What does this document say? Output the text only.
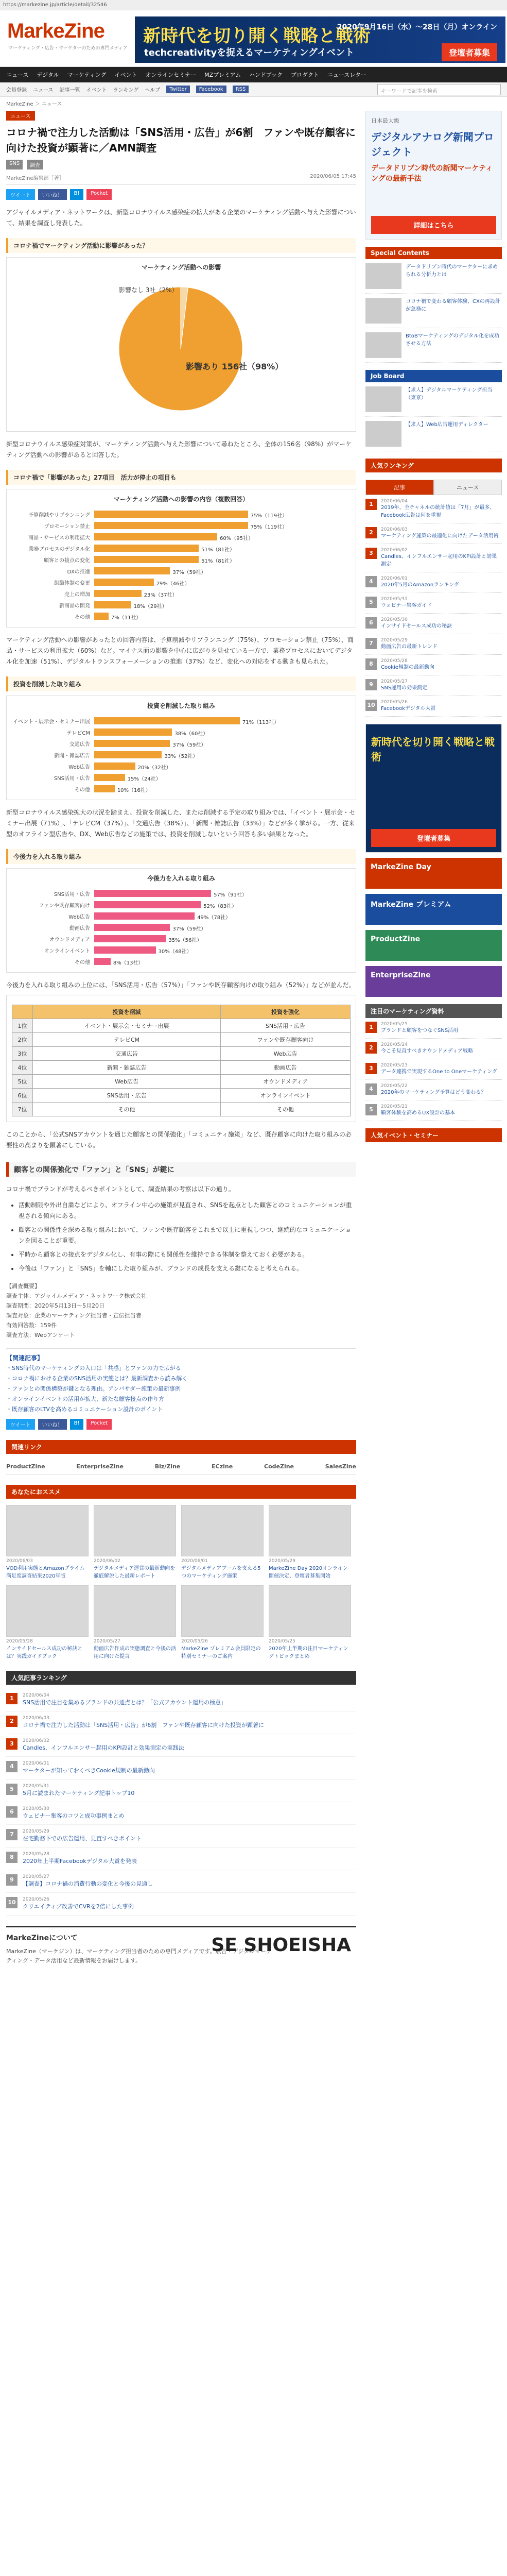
https://markezine.jp/article/detail/32546
MarkeZine
マーケティング・広告・マーケターのための専門メディア
新時代を切り開く戦略と戦術
techcreativityを捉えるマーケティングイベント
2020年9月16日（水）〜28日（月）オンライン
登壇者募集
ニュース デジタル マーケティング イベント オンラインセミナー MZプレミアム ハンドブック プロダクト ニュースレター
会員登録 ニュース 記事一覧 イベント ランキング ヘルプ	Twitter	Facebook	RSS	キーワードで記事を検索
MarkeZine ＞ ニュース
ニュース
コロナ禍で注力した活動は「SNS活用・広告」が6割　ファンや既存顧客に向けた投資が顕著に／AMN調査
SNS	調査
MarkeZine編集部［著］	2020/06/05 17:45
ツイート	いいね！	B!	Pocket

アジャイルメディア・ネットワークは、新型コロナウイルス感染症の拡大がある企業のマーケティング活動へ与えた影響について、結果を調査し発表した。

コロナ禍でマーケティング活動に影響があった？
マーケティング活動への影響
影響あり 156社（98%）
影響なし 3社（2%）

新型コロナウイルス感染症対策が、マーケティング活動へ与えた影響について尋ねたところ、全体の156名（98%）がマーケティング活動への影響があると回答した。

コロナ禍で「影響があった」27項目　活力が停止の項目も
マーケティング活動への影響の内容（複数回答）
予算削減やリプランニング	75%（119社）
プロモーション禁止	75%（119社）
商品・サービスの利用拡大	60%（95社）
業務プロセスのデジタル化	51%（81社）
顧客との接点の変化	51%（81社）
DXの推進	37%（59社）
組織体制の変更	29%（46社）
売上の増加	23%（37社）
新商品の開発	18%（29社）
その他	7%（11社）

マーケティング活動への影響があったとの回答内容は、予算削減やリプランニング（75%）、プロモーション禁止（75%）、商品・サービスの利用拡大（60%）など。マイナス面の影響を中心に広がりを見せている一方で、業務プロセスにおいてデジタル化を加速（51%）、デジタルトランスフォーメーションの推進（37%）など、変化への対応をする動きも見られた。

投資を削減した取り組み
投資を削減した取り組み
イベント・展示会・セミナー出展	71%（113社）
テレビCM	38%（60社）
交通広告	37%（59社）
新聞・雑誌広告	33%（52社）
Web広告	20%（32社）
SNS活用・広告	15%（24社）
その他	10%（16社）

新型コロナウイルス感染拡大の状況を踏まえ、投資を削減した、または削減する予定の取り組みでは、「イベント・展示会・セミナー出展（71%）」、「テレビCM（37%）」、「交通広告（38%）」、「新聞・雑誌広告（33%）」などが多く挙がる。一方、従来型のオフライン型広告や、DX、Web広告などの施策では、投資を削減しないという回答も多い結果となった。

今後力を入れる取り組み
今後力を入れる取り組み
SNS活用・広告	57%（91社）
ファンや既存顧客向け	52%（83社）
Web広告	49%（78社）
動画広告	37%（59社）
オウンドメディア	35%（56社）
オンラインイベント	30%（48社）
その他	8%（13社）

今後力を入れる取り組みの上位には、「SNS活用・広告（57%）」「ファンや既存顧客向けの取り組み（52%）」などが並んだ。

	投資を削減	投資を強化
1位	イベント・展示会・セミナー出展	SNS活用・広告
2位	テレビCM	ファンや既存顧客向け
3位	交通広告	Web広告
4位	新聞・雑誌広告	動画広告
5位	Web広告	オウンドメディア
6位	SNS活用・広告	オンラインイベント
7位	その他	その他

このことから、「公式SNSアカウントを通じた顧客との関係強化」「コミュニティ施策」など、既存顧客に向けた取り組みの必要性の高まりを顕著にしている。

顧客との関係強化で「ファン」と「SNS」が鍵に

コロナ禍でブランドが考えるべきポイントとして、調査結果の考察は以下の通り。

• 活動制限や外出自粛などにより、オフライン中心の施策が見直され、SNSを起点とした顧客とのコミュニケーションが重視される傾向にある。
• 顧客との関係性を深める取り組みにおいて、ファンや既存顧客をこれまで以上に重視しつつ、継続的なコミュニケーションを図ることが重要。
• 平時から顧客との接点をデジタル化し、有事の際にも関係性を維持できる体制を整えておく必要がある。
• 今後は「ファン」と「SNS」を軸にした取り組みが、ブランドの成長を支える鍵になると考えられる。
【調査概要】
調査主体：アジャイルメディア・ネットワーク株式会社
調査期間：2020年5月13日～5月20日
調査対象：企業のマーケティング担当者・宣伝担当者
有効回答数：159件
調査方法：Webアンケート
【関連記事】
・SNS時代のマーケティングの入口は「共感」とファンの力で広がる
・コロナ禍における企業のSNS活用の実態とは？最新調査から読み解く
・ファンとの関係構築が鍵となる理由。アンバサダー施策の最新事例
・オンラインイベントの活用が拡大、新たな顧客接点の作り方
・既存顧客のLTVを高めるコミュニケーション設計のポイント
ツイート	いいね！	B!	Pocket
関連リンク
ProductZine	EnterpriseZine	Biz/Zine	ECzine	CodeZine	SalesZine
あなたにおススメ
2020/06/03
VOD利用実態とAmazonプライム満足度調査結果2020年版
2020/06/02
デジタルメディア運営の最新動向を徹底解説した最新レポート
2020/06/01
デジタルメディアブームを支える5つのマーケティング施策
2020/05/29
MarkeZine Day 2020オンライン開催決定、登壇者募集開始
2020/05/28
インサイドセールス成功の秘訣とは？実践ガイドブック
2020/05/27
動画広告作成の実態調査と今後の活用に向けた提言
2020/05/26
MarkeZine プレミアム会員限定の特別セミナーのご案内
2020/05/25
2020年上半期の注目マーケティングトピックまとめ
人気記事ランキング
1	2020/06/04
SNS活用で注目を集めるブランドの共通点とは？「公式アカウント運用の極意」
2	2020/06/03
コロナ禍で注力した活動は「SNS活用・広告」が6割　ファンや既存顧客に向けた投資が顕著に
3	2020/06/02
Candles、インフルエンサー起用のKPI設計と効果測定の実践法
4	2020/06/01
マーケターが知っておくべきCookie規制の最新動向
5	2020/05/31
5月に読まれたマーケティング記事トップ10
6	2020/05/30
ウェビナー集客のコツと成功事例まとめ
7	2020/05/29
在宅勤務下での広告運用、見直すべきポイント
8	2020/05/28
2020年上半期Facebookデジタル大賞を発表
9	2020/05/27
【調査】コロナ禍の消費行動の変化と今後の見通し
10	2020/05/26
クリエイティブ改善でCVRを2倍にした事例
MarkeZineについて
MarkeZine（マーケジン）は、マーケティング担当者のための専門メディアです。広告・デジタルマーケティング・データ活用など最新情報をお届けします。
SE SHOEISHA
日本最大級
デジタルアナログ新聞プロジェクト
データドリブン時代の新聞マーケティングの最新手法
詳細はこちら
Special Contents
データドリブン時代のマーケターに求められる分析力とは
コロナ禍で変わる顧客体験、CXの再設計が急務に
BtoBマーケティングのデジタル化を成功させる方法
Job Board
【求人】デジタルマーケティング担当（東京）
【求人】Web広告運用ディレクター
人気ランキング
記事	ニュース
1	2020/06/04
2019年、全チャネルの統計値は「7月」が最多、Facebook広告は何を重視
2	2020/06/03
マーケティング施策の最適化に向けたデータ活用術
3	2020/06/02
Candles、インフルエンサー起用のKPI設計と効果測定
4	2020/06/01
2020年5月のAmazonランキング
5	2020/05/31
ウェビナー集客ガイド
6	2020/05/30
インサイドセールス成功の秘訣
7	2020/05/29
動画広告の最新トレンド
8	2020/05/28
Cookie規制の最新動向
9	2020/05/27
SNS運用の効果測定
10	2020/05/26
Facebookデジタル大賞
新時代を切り開く戦略と戦術
登壇者募集
MarkeZine Day
MarkeZine プレミアム
ProductZine
EnterpriseZine
注目のマーケティング資料
1	2020/05/25
ブランドと顧客をつなぐSNS活用
2	2020/05/24
今こそ見直すべきオウンドメディア戦略
3	2020/05/23
データ連携で実現するOne to Oneマーケティング
4	2020/05/22
2020年のマーケティング予算はどう変わる？
5	2020/05/21
顧客体験を高めるUX設計の基本
人気イベント・セミナー
